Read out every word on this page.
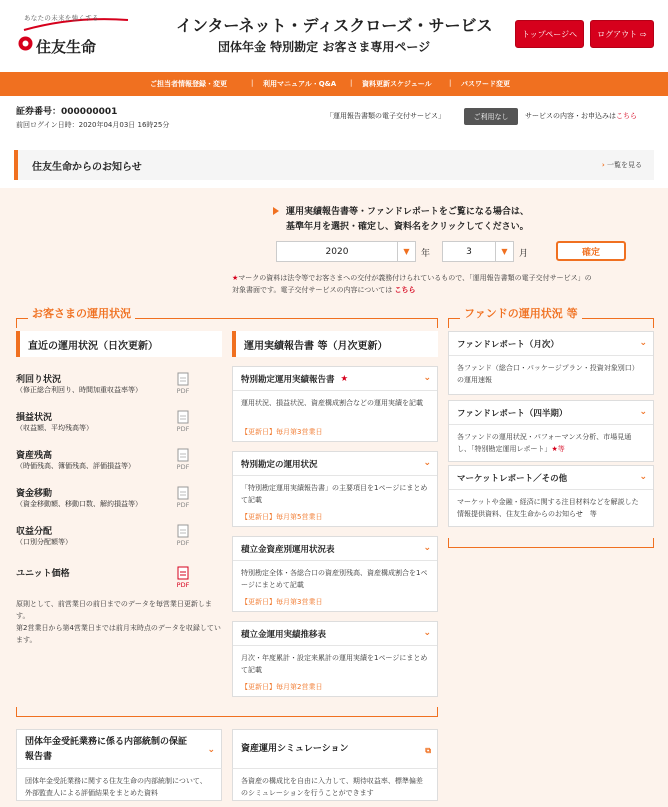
あなたの未来を強くする
住友生命
インターネット・ディスクローズ・サービス
団体年金 特別勘定 お客さま専用ページ
トップページへ	ログアウト ⇨
ご担当者情報登録・変更	| 利用マニュアル・Q&A | 資料更新スケジュール | パスワード変更
証券番号：000000001
前回ログイン日時：2020年04月03日 16時25分
「運用報告書類の電子交付サービス」	ご利用なし	サービスの内容・お申込みはこちら
住友生命からのお知らせ	› 一覧を見る
運用実績報告書等・ファンドレポートをご覧になる場合は、
基準年月を選択・確定し、資料名をクリックしてください。
2020	▼	年	3	▼	月	確定
★マークの資料は法令等でお客さまへの交付が義務付けられているもので、「運用報告書類の電子交付サービス」の
対象書面です。電子交付サービスの内容については こちら
お客さまの運用状況	ファンドの運用状況 等
直近の運用状況（日次更新）
利回り状況
（修正総合利回り、時間加重収益率等）	PDF
損益状況
（収益額、平均残高等）	PDF
資産残高
（時価残高、簿価残高、評価損益等）	PDF
資金移動
（資金移動額、移動口数、解約損益等）	PDF
収益分配
（口別分配額等）	PDF
ユニット価格
PDF
原則として、前営業日の前日までのデータを毎営業日更新します。
第2営業日から第4営業日までは前月末時点のデータを収録しています。
運用実績報告書 等（月次更新）
特別勘定運用実績報告書 ★	⌄
運用状況、損益状況、資産構成割合などの運用実績を記載
【更新日】毎月第3営業日
特別勘定の運用状況	⌄
「特別勘定運用実績報告書」の主要項目を1ページにまとめて記載
【更新日】毎月第5営業日
積立金資産別運用状況表	⌄
特別勘定全体・各総合口の資産別残高、資産構成割合を1ページにまとめて記載
【更新日】毎月第3営業日
積立金運用実績推移表	⌄
月次・年度累計・設定来累計の運用実績を1ページにまとめて記載
【更新日】毎月第2営業日
ファンドレポート（月次）	⌄
各ファンド（総合口・パッケージプラン・投資対象別口）の運用速報
ファンドレポート（四半期）	⌄
各ファンドの運用状況・パフォーマンス分析、市場見通し、「特別勘定運用レポート」★等
マーケットレポート／その他	⌄
マーケットや金融・経済に関する注目材料などを解説した情報提供資料、住友生命からのお知らせ　等
団体年金受託業務に係る内部統制の保証報告書
⌄
団体年金受託業務に関する住友生命の内部統制について、外部監査人による評価結果をまとめた資料
資産運用シミュレーション	⧉
各資産の構成比を自由に入力して、期待収益率、標準偏差のシミュレーションを行うことができます
